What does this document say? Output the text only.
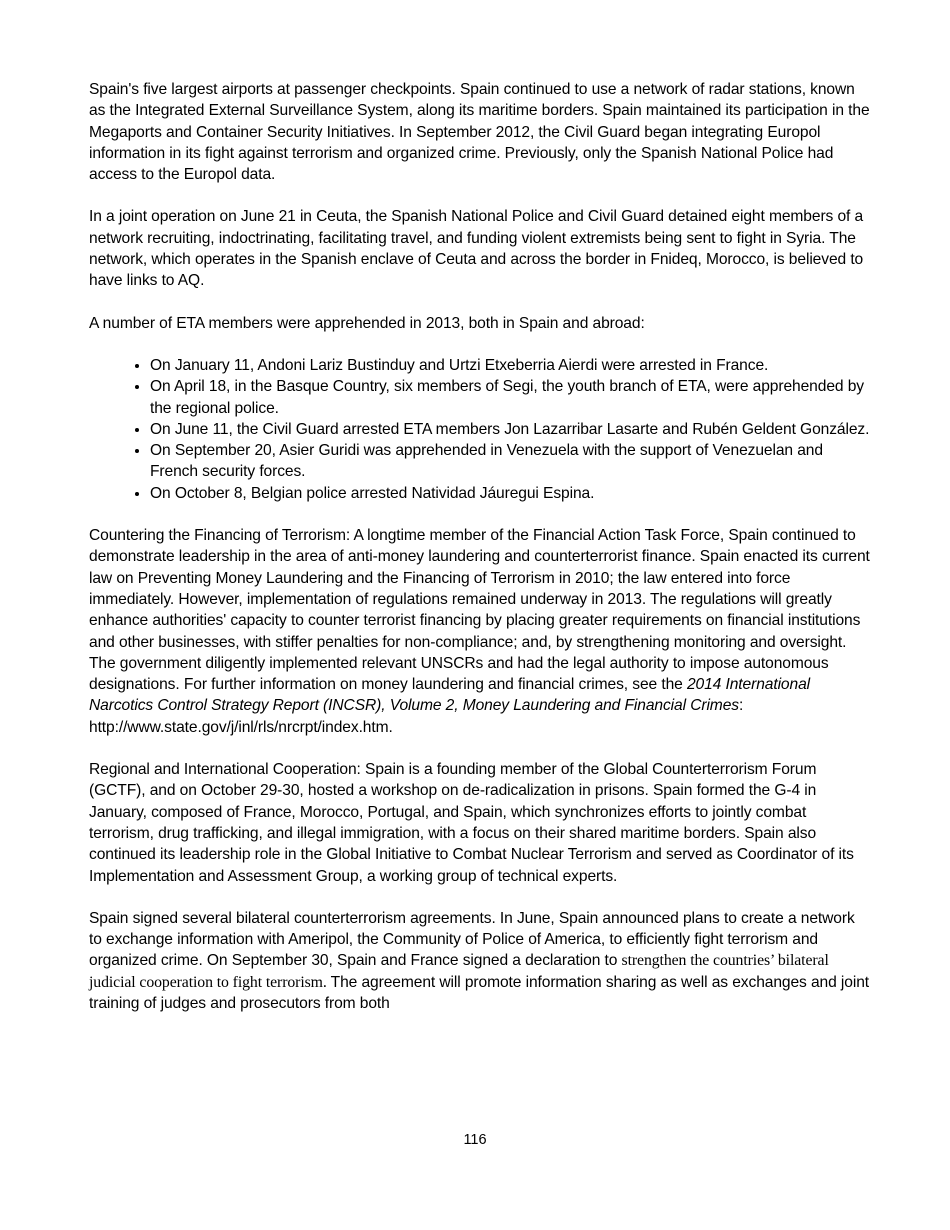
Spain's five largest airports at passenger checkpoints. Spain continued to use a network of radar stations, known as the Integrated External Surveillance System, along its maritime borders. Spain maintained its participation in the Megaports and Container Security Initiatives. In September 2012, the Civil Guard began integrating Europol information in its fight against terrorism and organized crime. Previously, only the Spanish National Police had access to the Europol data.

In a joint operation on June 21 in Ceuta, the Spanish National Police and Civil Guard detained eight members of a network recruiting, indoctrinating, facilitating travel, and funding violent extremists being sent to fight in Syria. The network, which operates in the Spanish enclave of Ceuta and across the border in Fnideq, Morocco, is believed to have links to AQ.

A number of ETA members were apprehended in 2013, both in Spain and abroad:

• On January 11, Andoni Lariz Bustinduy and Urtzi Etxeberria Aierdi were arrested in France.
• On April 18, in the Basque Country, six members of Segi, the youth branch of ETA, were apprehended by the regional police.
• On June 11, the Civil Guard arrested ETA members Jon Lazarribar Lasarte and Rubén Geldent González.
• On September 20, Asier Guridi was apprehended in Venezuela with the support of Venezuelan and French security forces.
• On October 8, Belgian police arrested Natividad Jáuregui Espina.

Countering the Financing of Terrorism: A longtime member of the Financial Action Task Force, Spain continued to demonstrate leadership in the area of anti-money laundering and counterterrorist finance. Spain enacted its current law on Preventing Money Laundering and the Financing of Terrorism in 2010; the law entered into force immediately. However, implementation of regulations remained underway in 2013. The regulations will greatly enhance authorities' capacity to counter terrorist financing by placing greater requirements on financial institutions and other businesses, with stiffer penalties for non-compliance; and, by strengthening monitoring and oversight. The government diligently implemented relevant UNSCRs and had the legal authority to impose autonomous designations. For further information on money laundering and financial crimes, see the 2014 International Narcotics Control Strategy Report (INCSR), Volume 2, Money Laundering and Financial Crimes: http://www.state.gov/j/inl/rls/nrcrpt/index.htm.

Regional and International Cooperation: Spain is a founding member of the Global Counterterrorism Forum (GCTF), and on October 29-30, hosted a workshop on de-radicalization in prisons. Spain formed the G-4 in January, composed of France, Morocco, Portugal, and Spain, which synchronizes efforts to jointly combat terrorism, drug trafficking, and illegal immigration, with a focus on their shared maritime borders. Spain also continued its leadership role in the Global Initiative to Combat Nuclear Terrorism and served as Coordinator of its Implementation and Assessment Group, a working group of technical experts.

Spain signed several bilateral counterterrorism agreements. In June, Spain announced plans to create a network to exchange information with Ameripol, the Community of Police of America, to efficiently fight terrorism and organized crime. On September 30, Spain and France signed a declaration to strengthen the countries’ bilateral judicial cooperation to fight terrorism. The agreement will promote information sharing as well as exchanges and joint training of judges and prosecutors from both

116
